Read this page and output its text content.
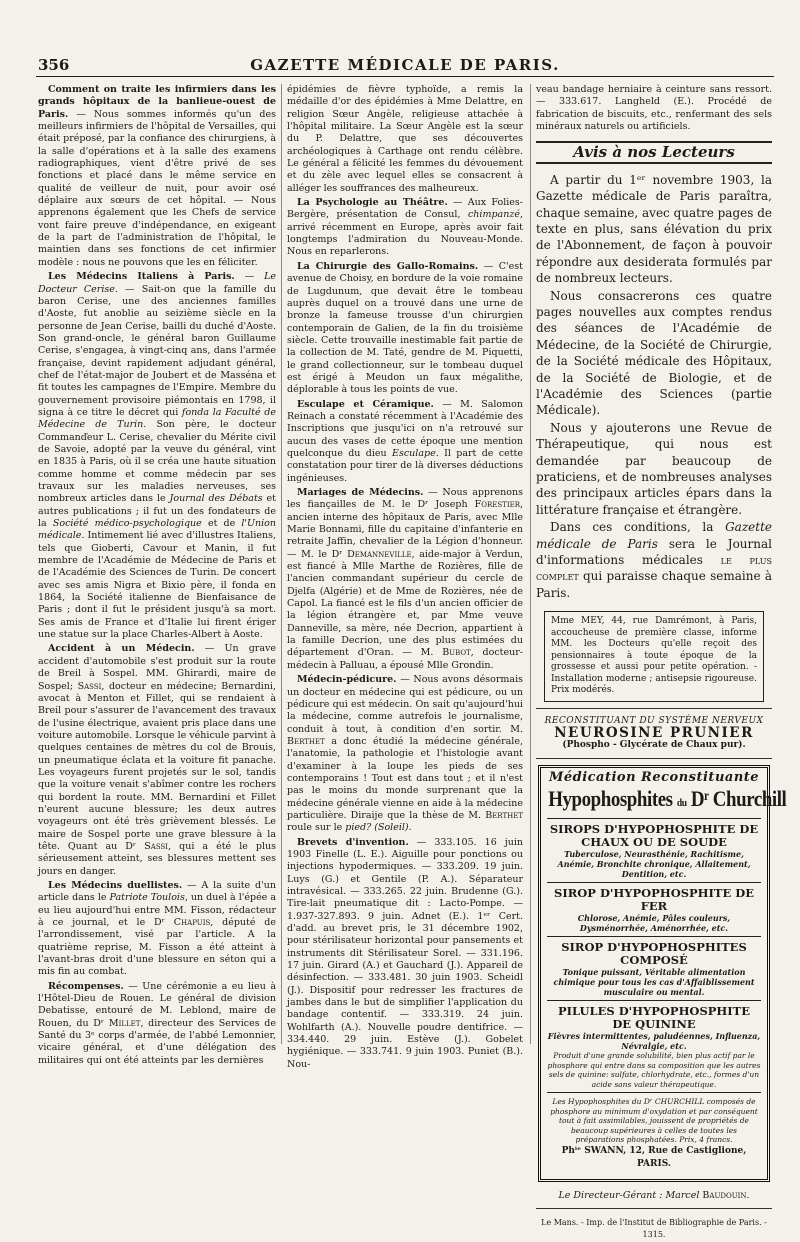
356	GAZETTE MÉDICALE DE PARIS.

Comment on traite les infirmiers dans les grands hôpitaux de la banlieue-ouest de Paris. — Nous sommes informés qu'un des meilleurs infirmiers de l'hôpital de Versailles, qui était préposé, par la confiance des chirurgiens, à la salle d'opérations et à la salle des examens radiographiques, vient d'être privé de ses fonctions et placé dans le même service en qualité de veilleur de nuit, pour avoir osé déplaire aux sœurs de cet hôpital. — Nous apprenons également que les Chefs de service vont faire preuve d'indépendance, en exigeant de la part de l'administration de l'hôpital, le maintien dans ses fonctions de cet infirmier modèle : nous ne pouvons que les en féliciter.

Les Médecins Italiens à Paris. — Le Docteur Cerise. — Sait-on que la famille du baron Cerise, une des anciennes familles d'Aoste, fut anoblie au seizième siècle en la personne de Jean Cerise, bailli du duché d'Aoste. Son grand-oncle, le général baron Guillaume Cerise, s'engagea, à vingt-cinq ans, dans l'armée française, devint rapidement adjudant général, chef de l'état-major de Joubert et de Masséna et fit toutes les campagnes de l'Empire. Membre du gouvernement provisoire piémontais en 1798, il signa à ce titre le décret qui fonda la Faculté de Médecine de Turin. Son père, le docteur Commanďeur L. Cerise, chevalier du Mérite civil de Savoie, adopté par la veuve du général, vint en 1835 à Paris, où il se créa une haute situation comme homme et comme médecin par ses travaux sur les maladies nerveuses, ses nombreux articles dans le Journal des Débats et autres publications ; il fut un des fondateurs de la Société médico-psychologique et de l'Union médicale. Intimement lié avec d'illustres Italiens, tels que Gioberti, Cavour et Manin, il fut membre de l'Académie de Médecine de Paris et de l'Académie des Sciences de Turin. De concert avec ses amis Nigra et Bixio père, il fonda en 1864, la Société italienne de Bienfaisance de Paris ; dont il fut le président jusqu'à sa mort. Ses amis de France et d'Italie lui firent ériger une statue sur la place Charles-Albert à Aoste.

Accident à un Médecin. — Un grave accident d'automobile s'est produit sur la route de Breil à Sospel. MM. Ghirardi, maire de Sospel; Sassi, docteur en médecine; Bernardini, avocat à Menton et Fillet, qui se rendaient à Breil pour s'assurer de l'avancement des travaux de l'usine électrique, avaient pris place dans une voiture automobile. Lorsque le véhicule parvint à quelques centaines de mètres du col de Brouis, un pneumatique éclata et la voiture fit panache. Les voyageurs furent projetés sur le sol, tandis que la voiture venait s'abîmer contre les rochers qui bordent la route. MM. Bernardini et Fillet n'eurent aucune blessure; les deux autres voyageurs ont été très grièvement blessés. Le maire de Sospel porte une grave blessure à la tête. Quant au Dʳ Sassi, qui a été le plus sérieusement atteint, ses blessures mettent ses jours en danger.

Les Médecins duellistes. — A la suite d'un article dans le Patriote Toulois, un duel à l'épée a eu lieu aujourd'hui entre MM. Fisson, rédacteur à ce journal, et le Dʳ Chapuis, député de l'arrondissement, visé par l'article. A la quatrième reprise, M. Fisson a été atteint à l'avant-bras droit d'une blessure en séton qui a mis fin au combat.

Récompenses. — Une cérémonie a eu lieu à l'Hôtel-Dieu de Rouen. Le général de division Debatisse, entouré de M. Leblond, maire de Rouen, du Dʳ Millet, directeur des Services de Santé du 3ᵉ corps d'armée, de l'abbé Lemonnier, vicaire général, et d'une délégation des militaires qui ont été atteints par les dernières

épidémies de fièvre typhoïde, a remis la médaille d'or des épidémies à Mme Delattre, en religion Sœur Angèle, religieuse attachée à l'hôpital militaire. La Sœur Angèle est la sœur du P. Delattre, que ses découvertes archéologiques à Carthage ont rendu célèbre. Le général a félicité les femmes du dévouement et du zèle avec lequel elles se consacrent à alléger les souffrances des malheureux.

La Psychologie au Théâtre. — Aux Folies-Bergère, présentation de Consul, chimpanzé, arrivé récemment en Europe, après avoir fait longtemps l'admiration du Nouveau-Monde. Nous en reparlerons.

La Chirurgie des Gallo-Romains. — C'est avenue de Choisy, en bordure de la voie romaine de Lugdunum, que devait être le tombeau auprès duquel on a trouvé dans une urne de bronze la fameuse trousse d'un chirurgien contemporain de Galien, de la fin du troisième siècle. Cette trouvaille inestimable fait partie de la collection de M. Taté, gendre de M. Piquetti, le grand collectionneur, sur le tombeau duquel est érigé à Meudon un faux mégalithe, déplorable à tous les points de vue.

Esculape et Céramique. — M. Salomon Reinach a constaté récemment à l'Académie des Inscriptions que jusqu'ici on n'a retrouvé sur aucun des vases de cette époque une mention quelconque du dieu Esculape. Il part de cette constatation pour tirer de là diverses déductions ingénieuses.

Mariages de Médecins. — Nous apprenons les fiançailles de M. le Dʳ Joseph Forestier, ancien interne des hôpitaux de Paris, avec Mlle Marie Bonnami, fille du capitaine d'infanterie en retraite Jaffin, chevalier de la Légion d'honneur. — M. le Dʳ Demanneville, aide-major à Verdun, est fiancé à Mlle Marthe de Rozières, fille de l'ancien commandant supérieur du cercle de Djelfa (Algérie) et de Mme de Rozières, née de Capol. La fiancé est le fils d'un ancien officier de la légion étrangère et, par Mme veuve Danneville, sa mère, née Decrion, appartient à la famille Decrion, une des plus estimées du département d'Oran. — M. Bubot, docteur-médecin à Palluau, a épousé Mlle Grondin.

Médecin-pédicure. — Nous avons désormais un docteur en médecine qui est pédicure, ou un pédicure qui est médecin. On sait qu'aujourd'hui la médecine, comme autrefois le journalisme, conduit à tout, à condition d'en sortir. M. Berthet a donc étudié la médecine générale, l'anatomie, la pathologie et l'histologie avant d'examiner à la loupe les pieds de ses contemporains ! Tout est dans tout ; et il n'est pas le moins du monde surprenant que la médecine générale vienne en aide à la médecine particulière. Diraije que la thèse de M. Berthet roule sur le pied? (Soleil).

Brevets d'invention. — 333.105. 16 juin 1903 Finelle (L. E.). Aiguille pour ponctions ou injections hypodermiques. — 333.209. 19 juin. Luys (G.) et Gentile (P. A.). Séparateur intravésical. — 333.265. 22 juin. Brudenne (G.). Tire-lait pneumatique dit : Lacto-Pompe. — 1.937-327.893. 9 juin. Adnet (E.). 1ᵉʳ Cert. d'add. au brevet pris, le 31 décembre 1902, pour stérilisateur horizontal pour pansements et instruments dit Stérilisateur Sorel. — 331.196. 17 juin. Girard (A.) et Gauchard (J.). Appareil de désinfection. — 333.481. 30 juin 1903. Scheidl (J.). Dispositif pour redresser les fractures de jambes dans le but de simplifier l'application du bandage contentif. — 333.319. 24 juin. Wohlfarth (A.). Nouvelle poudre dentifrice. — 334.440. 29 juin. Estève (J.). Gobelet hygiénique. — 333.741. 9 juin 1903. Puniet (B.). Nou-

veau bandage herniaire à ceinture sans ressort. — 333.617. Langheld (E.). Procédé de fabrication de biscuits, etc., renfermant des sels minéraux naturels ou artificiels.

Avis à nos Lecteurs

A partir du 1ᵉʳ novembre 1903, la Gazette médicale de Paris paraîtra, chaque semaine, avec quatre pages de texte en plus, sans élévation du prix de l'Abonnement, de façon à pouvoir répondre aux desiderata formulés par de nombreux lecteurs.

Nous consacrerons ces quatre pages nouvelles aux comptes rendus des séances de l'Académie de Médecine, de la Société de Chirurgie, de la Société médicale des Hôpitaux, de la Société de Biologie, et de l'Académie des Sciences (partie Médicale).

Nous y ajouterons une Revue de Thérapeutique, qui nous est demandée par beaucoup de praticiens, et de nombreuses analyses des principaux articles épars dans la littérature française et étrangère.

Dans ces conditions, la Gazette médicale de Paris sera le Journal d'informations médicales le plus complet qui paraisse chaque semaine à Paris.

Mme MEY, 44, rue Damrémont, à Paris, accoucheuse de première classe, informe MM. les Docteurs qu'elle reçoit des pensionnaires à toute époque de la grossesse et aussi pour petite opération. - Installation moderne ; antisepsie rigoureuse. Prix modérés.
RECONSTITUANT DU SYSTÈME NERVEUX
NEUROSINE PRUNIER
(Phospho - Glycérate de Chaux pur).
Médication Reconstituante
Hypophosphites du Dʳ Churchill
SIROPS D'HYPOPHOSPHITE DE CHAUX OU DE SOUDE
Tuberculose, Neurasthénie, Rachitisme, Anémie, Bronchite chronique, Allaitement, Dentition, etc.
SIROP D'HYPOPHOSPHITE DE FER
Chlorose, Anémie, Pâles couleurs, Dysménorrhée, Aménorrhée, etc.
SIROP D'HYPOPHOSPHITES COMPOSÉ
Tonique puissant, Véritable alimentation chimique pour tous les cas d'Affaiblissement musculaire ou mental.
PILULES D'HYPOPHOSPHITE DE QUININE
Fièvres intermittentes, paludéennes, Influenza, Névralgie, etc.
Produit d'une grande solubilité, bien plus actif par le phosphore qui entre dans sa composition que les autres sels de quinine: sulfate, chlorhydrate, etc., formes d'un acide sans valeur thérapeutique.
Les Hypophosphites du Dʳ CHURCHILL composés de phosphore au minimum d'oxydation et par conséquent tout à fait assimilables, jouissent de propriétés de beaucoup supérieures à celles de toutes les préparations phosphatées. Prix, 4 francs.
Phⁱᵉ SWANN, 12, Rue de Castiglione, PARIS.
Le Directeur-Gérant : Marcel Baudouin.
Le Mans. - Imp. de l'Institut de Bibliographie de Paris. - 1315.
